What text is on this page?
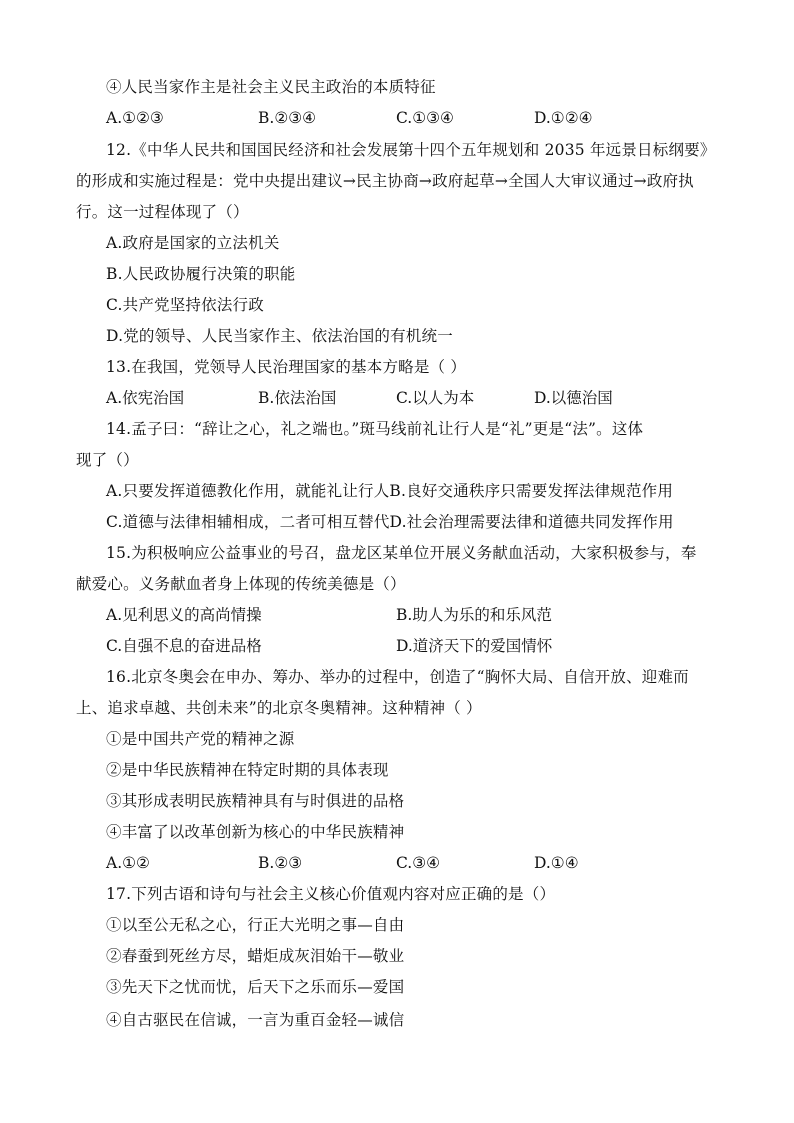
④人民当家作主是社会主义民主政治的本质特征
A.①②③	B.②③④	C.①③④	D.①②④
12.《中华人民共和国国民经济和社会发展第十四个五年规划和 2035 年远景日标纲要》
的形成和实施过程是：党中央提出建议→民主协商→政府起草→全国人大审议通过→政府执
行。这一过程体现了（）
A.政府是国家的立法机关
B.人民政协履行决策的职能
C.共产党坚持依法行政
D.党的领导、人民当家作主、依法治国的有机统一
13.在我国，党领导人民治理国家的基本方略是（ ）
A.依宪治国	B.依法治国	C.以人为本	D.以德治国
14.孟子曰：“辞让之心，礼之端也。”斑马线前礼让行人是“礼”更是“法”。这体
现了（）
A.只要发挥道德教化作用，就能礼让行人B.良好交通秩序只需要发挥法律规范作用
C.道德与法律相辅相成，二者可相互替代D.社会治理需要法律和道德共同发挥作用
15.为积极响应公益事业的号召，盘龙区某单位开展义务献血活动，大家积极参与，奉
献爱心。义务献血者身上体现的传统美德是（）
A.见利思义的高尚情操	B.助人为乐的和乐风范
C.自强不息的奋进品格	D.道济天下的爱国情怀
16.北京冬奥会在申办、筹办、举办的过程中，创造了“胸怀大局、自信开放、迎难而
上、追求卓越、共创未来”的北京冬奥精神。这种精神（ ）
①是中国共产党的精神之源
②是中华民族精神在特定时期的具体表现
③其形成表明民族精神具有与时俱进的品格
④丰富了以改革创新为核心的中华民族精神
A.①②	B.②③	C.③④	D.①④
17.下列古语和诗句与社会主义核心价值观内容对应正确的是（）
①以至公无私之心，行正大光明之事—自由
②春蚕到死丝方尽，蜡炬成灰泪始干—敬业
③先天下之忧而忧，后天下之乐而乐—爱国
④自古驱民在信诚，一言为重百金轻—诚信
